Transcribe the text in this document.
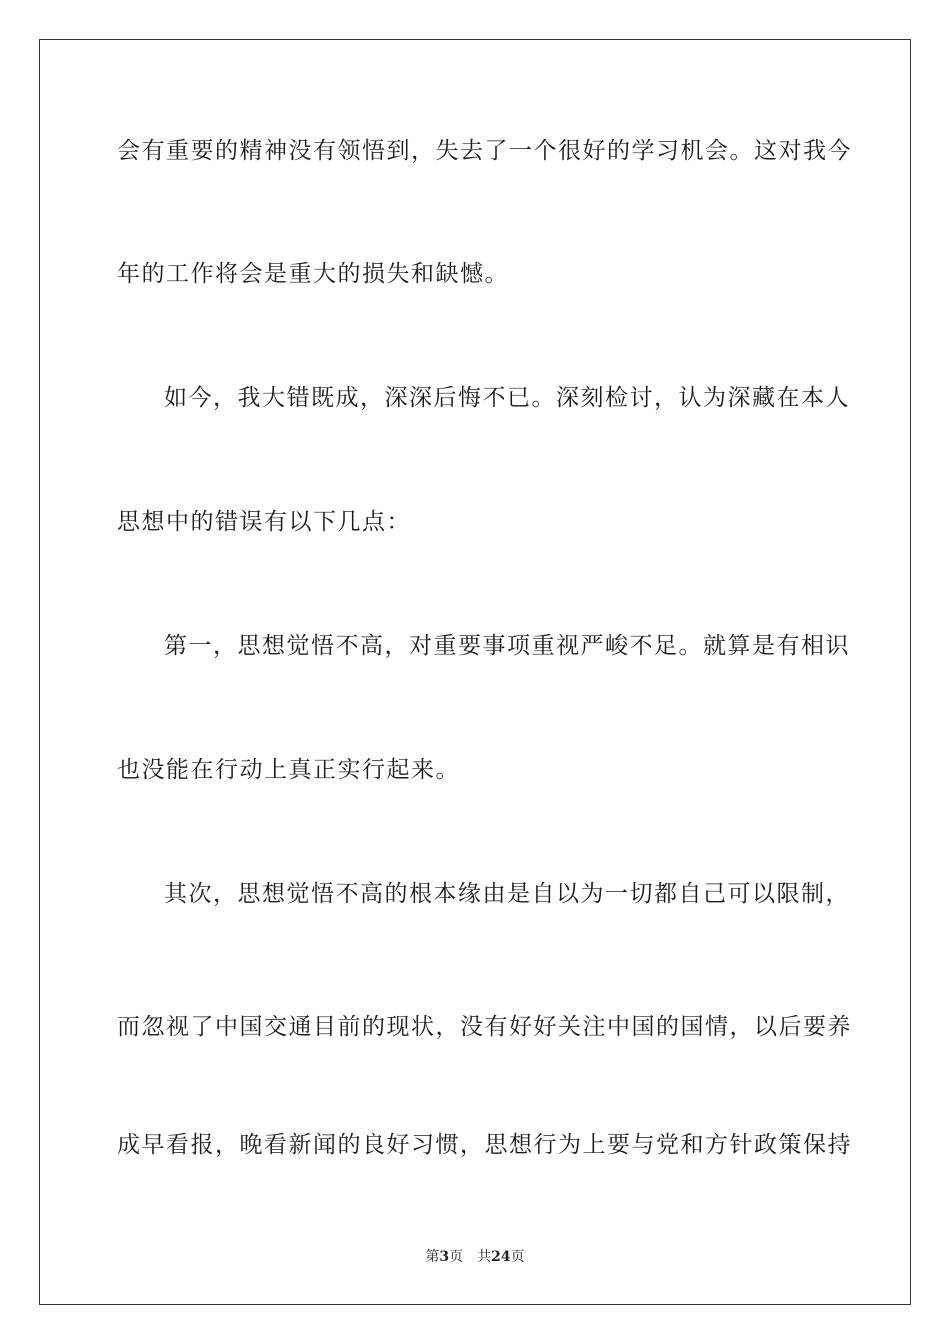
会有重要的精神没有领悟到，失去了一个很好的学习机会。这对我今
年的工作将会是重大的损失和缺憾。
如今，我大错既成，深深后悔不已。深刻检讨，认为深藏在本人
思想中的错误有以下几点：
第一，思想觉悟不高，对重要事项重视严峻不足。就算是有相识
也没能在行动上真正实行起来。
其次，思想觉悟不高的根本缘由是自以为一切都自己可以限制，
而忽视了中国交通目前的现状，没有好好关注中国的国情，以后要养
成早看报，晚看新闻的良好习惯，思想行为上要与党和方针政策保持
第3页 共24页
